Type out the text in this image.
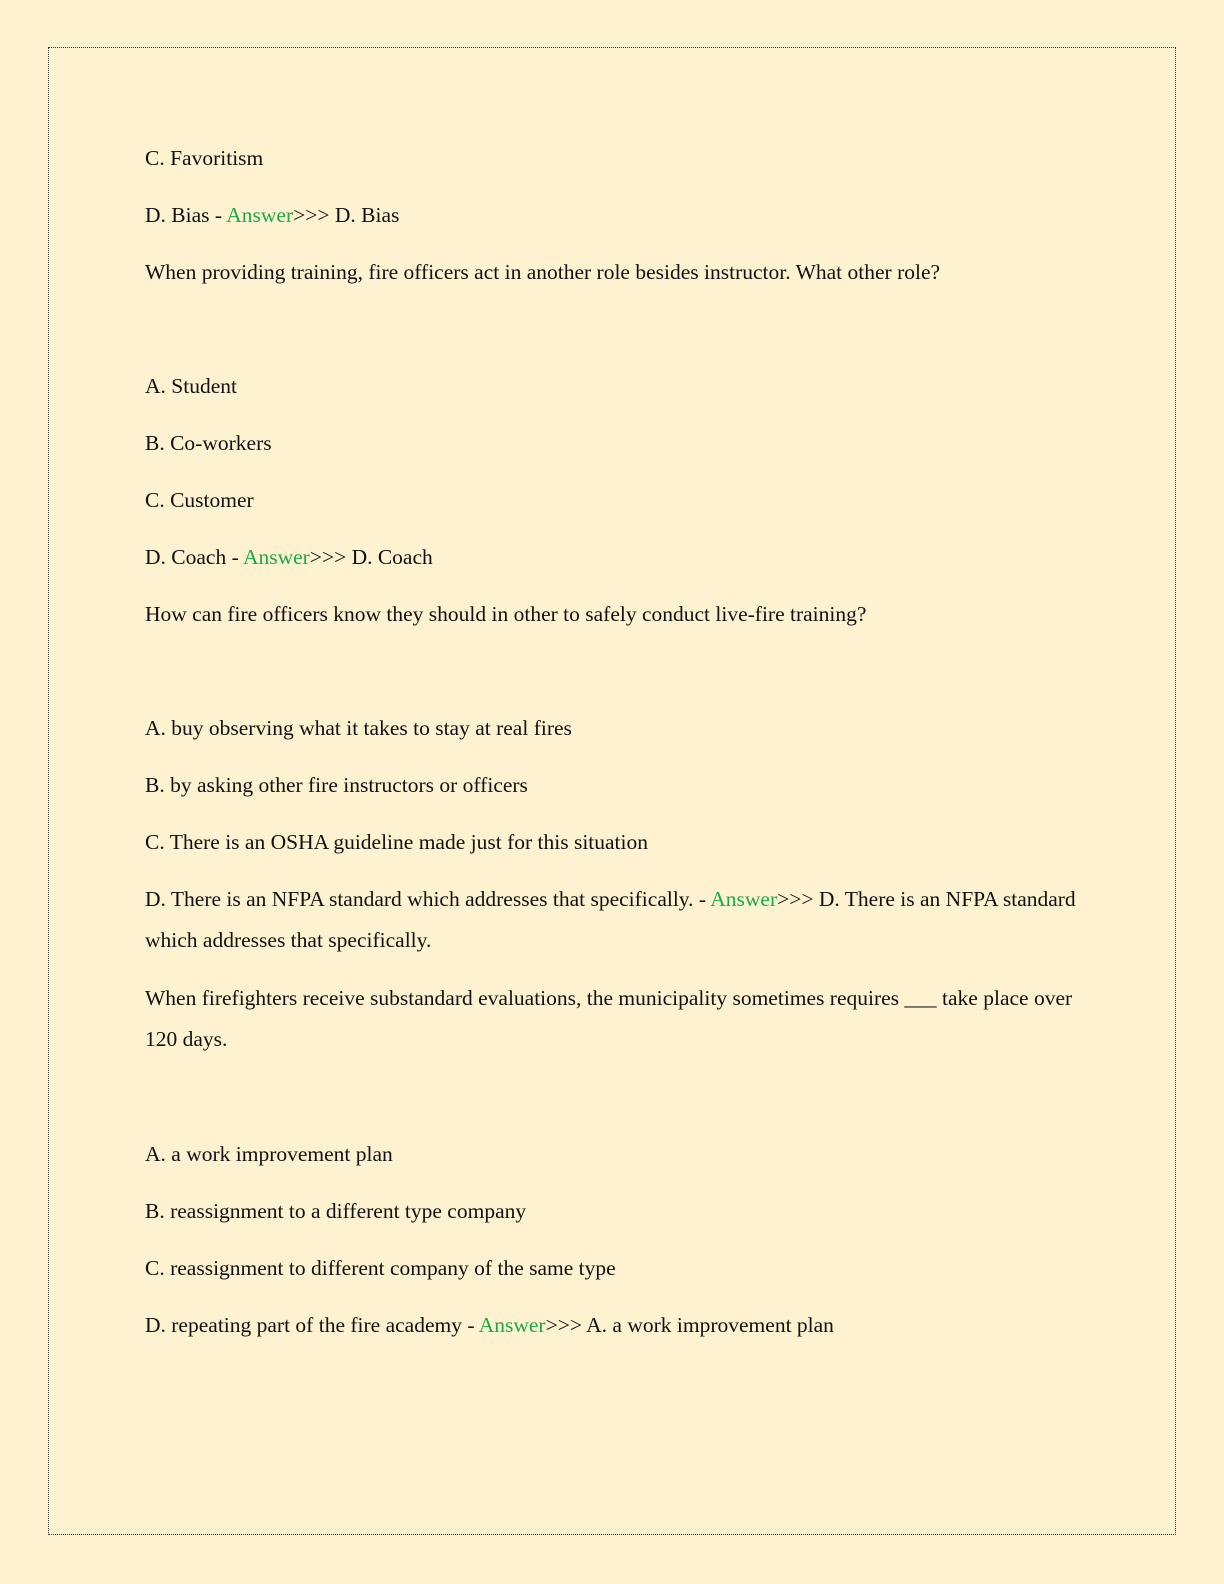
C. Favoritism

D. Bias - Answer>>> D. Bias

When providing training, fire officers act in another role besides instructor. What other role?

A. Student

B. Co-workers

C. Customer

D. Coach - Answer>>> D. Coach

How can fire officers know they should in other to safely conduct live-fire training?

A. buy observing what it takes to stay at real fires

B. by asking other fire instructors or officers

C. There is an OSHA guideline made just for this situation

D. There is an NFPA standard which addresses that specifically. - Answer>>> D. There is an NFPA standard which addresses that specifically.

When firefighters receive substandard evaluations, the municipality sometimes requires ___ take place over 120 days.

A. a work improvement plan

B. reassignment to a different type company

C. reassignment to different company of the same type

D. repeating part of the fire academy - Answer>>> A. a work improvement plan
